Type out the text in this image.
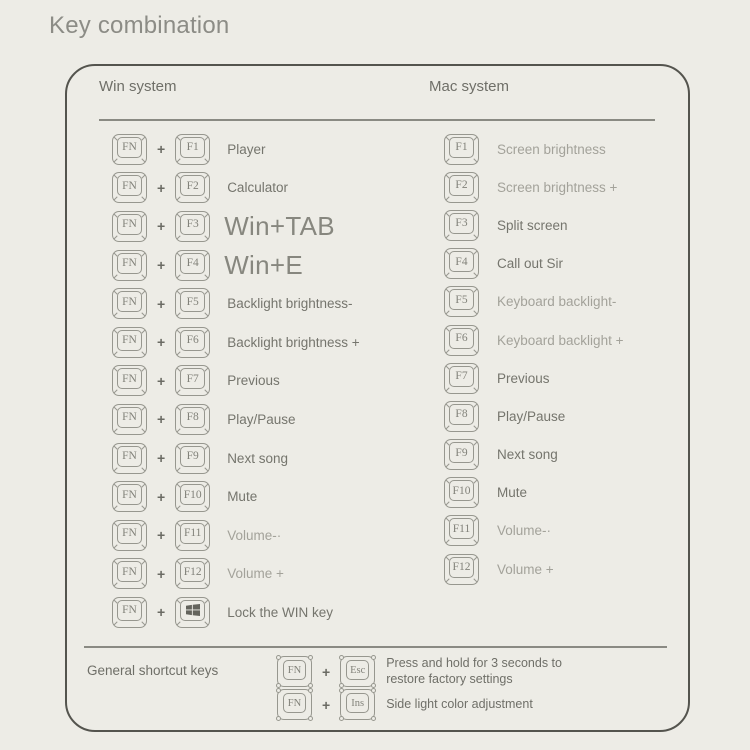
Key combination
Win system	Mac system
FN	+	F1	Player
FN	+	F2	Calculator
FN	+	F3 Win+TAB
FN	+	F4 Win+E
FN	+	F5	Backlight brightness-
FN	+	F6	Backlight brightness +
FN	+	F7	Previous
FN	+	F8	Play/Pause
FN	+	F9	Next song
FN	+	F10 Mute
FN	+	F11 Volume-·
FN	+	F12 Volume +
FN	+	Lock the WIN key
F1	Screen brightness
F2	Screen brightness +
F3	Split screen
F4	Call out Sir
F5	Keyboard backlight-
F6	Keyboard backlight +
F7	Previous
F8	Play/Pause
F9	Next song
F10 Mute
F11 Volume-·
F12 Volume +
General shortcut keys	FN	+	Esc	Press and hold for 3 seconds to restore factory settings
FN	+	Ins	Side light color adjustment
